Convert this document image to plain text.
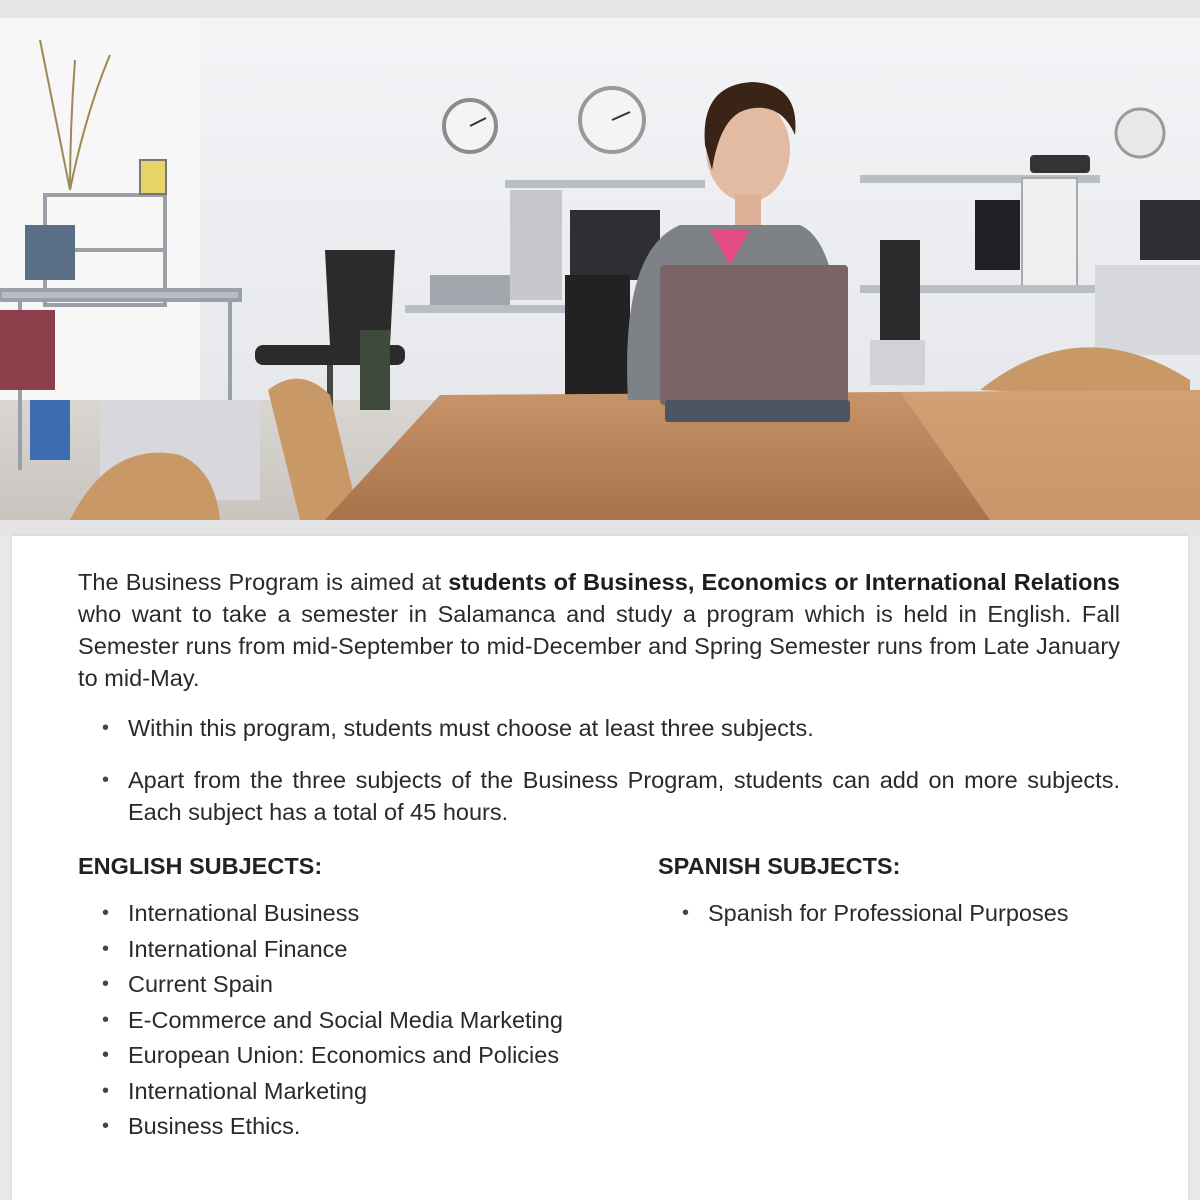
The Business Program is aimed at students of Business, Economics or International Relations who want to take a semester in Salamanca and study a program which is held in English. Fall Semester runs from mid-September to mid-December and Spring Semester runs from Late January to mid-May.

• Within this program, students must choose at least three subjects.
• Apart from the three subjects of the Business Program, students can add on more subjects. Each subject has a total of 45 hours.

ENGLISH SUBJECTS:

• International Business
• International Finance
• Current Spain
• E-Commerce and Social Media Marketing
• European Union: Economics and Policies
• International Marketing
• Business Ethics.

SPANISH SUBJECTS:

• Spanish for Professional Purposes
